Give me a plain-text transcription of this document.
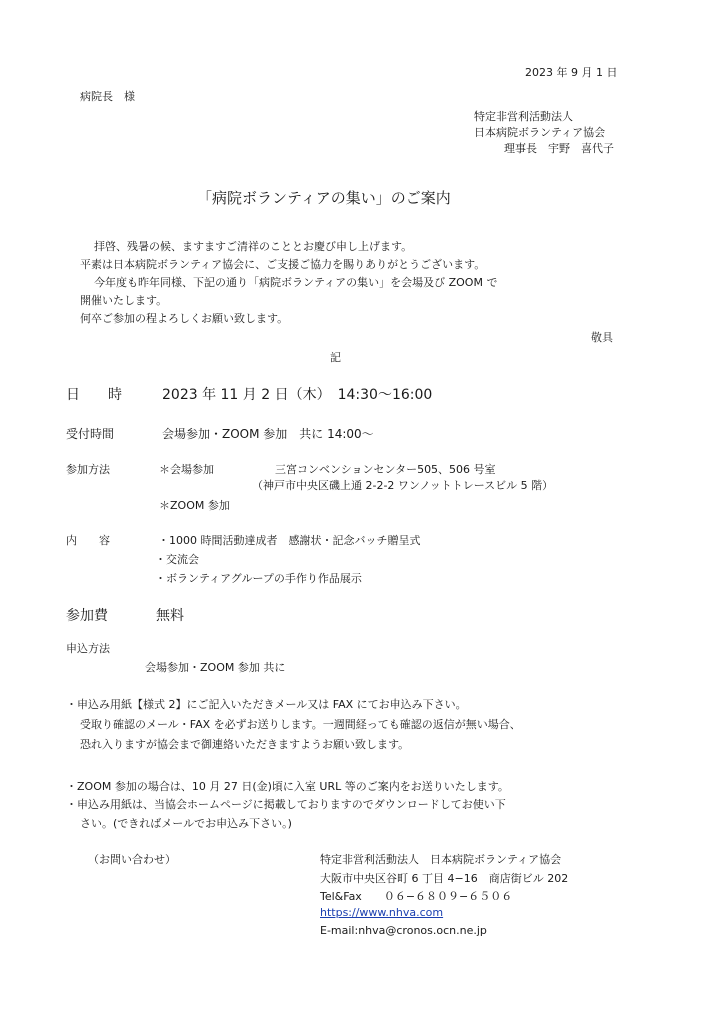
2023 年 9 月 1 日
病院長　様
特定非営利活動法人
日本病院ボランティア協会
理事長　宇野　喜代子
「病院ボランティアの集い」のご案内
拝啓、残暑の候、ますますご清祥のこととお慶び申し上げます。
平素は日本病院ボランティア協会に、ご支援ご協力を賜りありがとうございます。
今年度も昨年同様、下記の通り「病院ボランティアの集い」を会場及び ZOOM で
開催いたします。
何卒ご参加の程よろしくお願い致します。
敬具
記
日　　時	2023 年 11 月 2 日（木）　14:30〜16:00
受付時間	会場参加・ZOOM 参加　共に 14:00〜
参加方法	＊会場参加	三宮コンベンションセンター505、506 号室
（神戸市中央区磯上通 2-2-2 ワンノットトレースビル 5 階）
＊ZOOM 参加
内　　容	・1000 時間活動達成者　感謝状・記念バッチ贈呈式
・交流会
・ボランティアグループの手作り作品展示
参加費	無料
申込方法
会場参加・ZOOM 参加 共に
・申込み用紙【様式 2】にご記入いただきメール又は FAX にてお申込み下さい。
受取り確認のメール・FAX を必ずお送りします。一週間経っても確認の返信が無い場合、
恐れ入りますが協会まで御連絡いただきますようお願い致します。
・ZOOM 参加の場合は、10 月 27 日(金)頃に入室 URL 等のご案内をお送りいたします。
・申込み用紙は、当協会ホームページに掲載しておりますのでダウンロードしてお使い下
さい。(できればメールでお申込み下さい。)
（お問い合わせ）	特定非営利活動法人　日本病院ボランティア協会
大阪市中央区谷町 6 丁目 4−16　商店街ビル 202
Tel&Fax　　０６−６８０９−６５０６
https://www.nhva.com
E-mail:nhva@cronos.ocn.ne.jp
